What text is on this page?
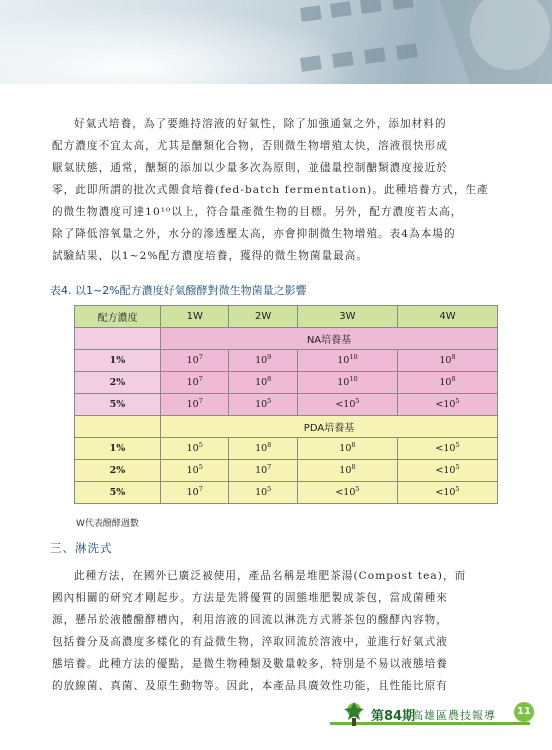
好氣式培養，為了要維持溶液的好氣性，除了加強通氣之外，添加材料的
配方濃度不宜太高，尤其是醣類化合物，否則微生物增殖太快，溶液很快形成
厭氣狀態，通常，醣類的添加以少量多次為原則，並儘量控制醣類濃度接近於
零，此即所謂的批次式餵食培養(fed-batch fermentation)。此種培養方式，生產
的微生物濃度可達10¹⁰以上，符合量產微生物的目標。另外，配方濃度若太高，
除了降低溶氧量之外，水分的滲透壓太高，亦會抑制微生物增殖。表4為本場的
試驗結果，以1~2%配方濃度培養，獲得的微生物菌量最高。
表4. 以1~2%配方濃度好氣醱酵對微生物菌量之影響
配方濃度	1W	2W	3W	4W
	NA培養基			
1%	$10^7$	$10^9$	$10^{10}$	$10^8$
2%	$10^7$	$10^8$	$10^{10}$	$10^8$
5%	$10^7$	$10^5$	$<10^5$	$<10^5$
	PDA培養基			
1%	$10^5$	$10^8$	$10^8$	$<10^5$
2%	$10^5$	$10^7$	$10^8$	$<10^5$
5%	$10^7$	$10^5$	$<10^5$	$<10^5$
W代表醱酵週數
三、淋洗式
此種方法，在國外已廣泛被使用，產品名稱是堆肥茶湯(Compost tea)，而
國內相關的研究才剛起步。方法是先將優質的固態堆肥製成茶包，當成菌種來
源，懸吊於液體醱酵槽內，利用溶液的回流以淋洗方式將茶包的醱酵內容物，
包括養分及高濃度多樣化的有益微生物，淬取回流於溶液中，並進行好氣式液
態培養。此種方法的優點，是微生物種類及數量較多，特別是不易以液態培養
的放線菌、真菌、及原生動物等。因此，本產品具廣效性功能，且性能比原有
第84期
高雄區農技報導	11
